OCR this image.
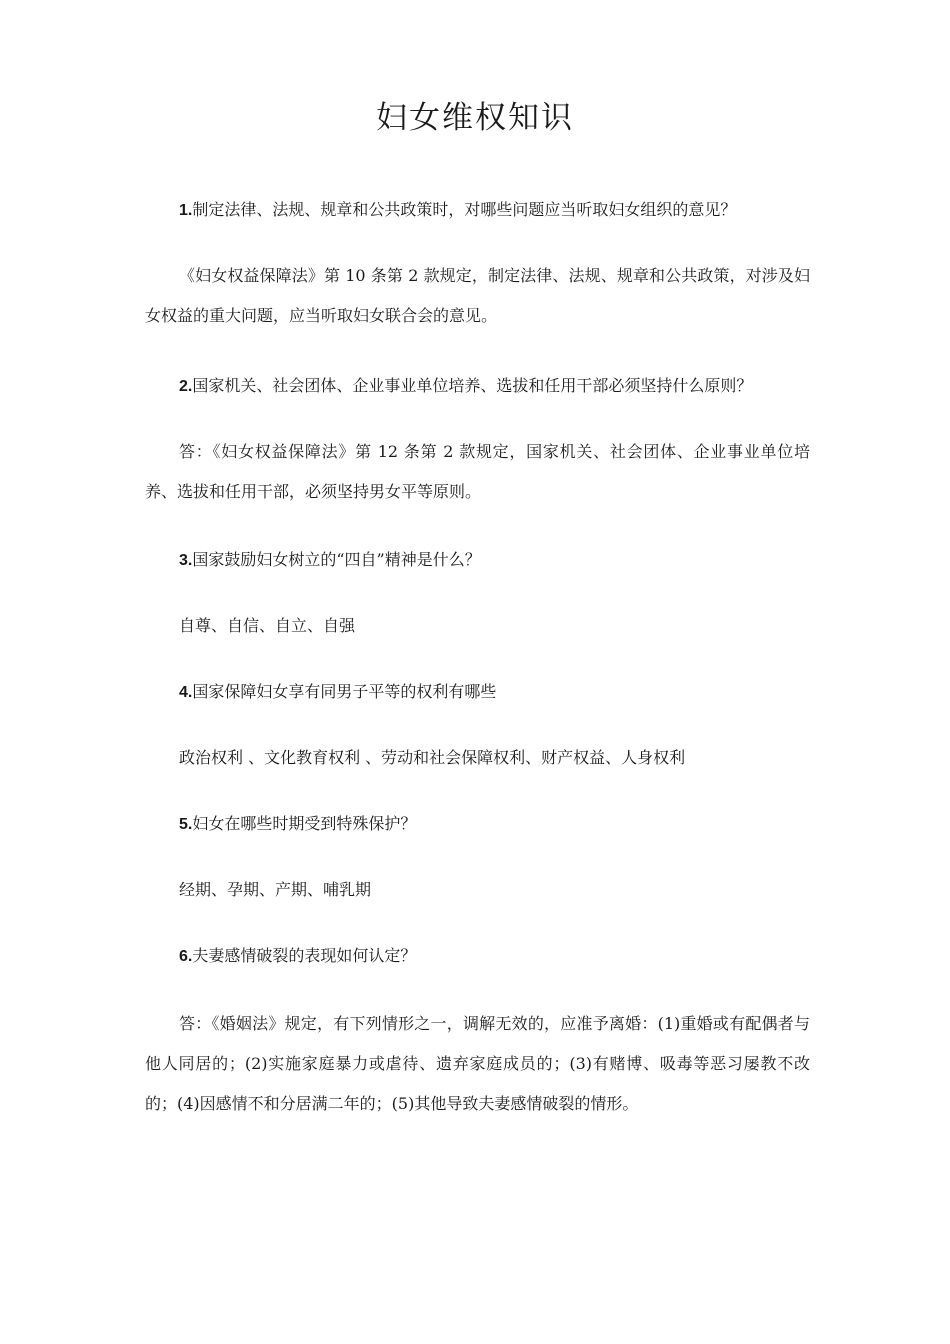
妇女维权知识

1.制定法律、法规、规章和公共政策时，对哪些问题应当听取妇女组织的意见？

《妇女权益保障法》第 10 条第 2 款规定，制定法律、法规、规章和公共政策，对涉及妇女权益的重大问题，应当听取妇女联合会的意见。

2.国家机关、社会团体、企业事业单位培养、选拔和任用干部必须坚持什么原则？

答：《妇女权益保障法》第 12 条第 2 款规定，国家机关、社会团体、企业事业单位培养、选拔和任用干部，必须坚持男女平等原则。

3.国家鼓励妇女树立的“四自”精神是什么？

自尊、自信、自立、自强

4.国家保障妇女享有同男子平等的权利有哪些

政治权利 、文化教育权利 、劳动和社会保障权利、财产权益、人身权利

5.妇女在哪些时期受到特殊保护？

经期、孕期、产期、哺乳期

6.夫妻感情破裂的表现如何认定？

答：《婚姻法》规定，有下列情形之一，调解无效的，应准予离婚：(1)重婚或有配偶者与他人同居的；(2)实施家庭暴力或虐待、遗弃家庭成员的；(3)有赌博、吸毒等恶习屡教不改的；(4)因感情不和分居满二年的；(5)其他导致夫妻感情破裂的情形。
